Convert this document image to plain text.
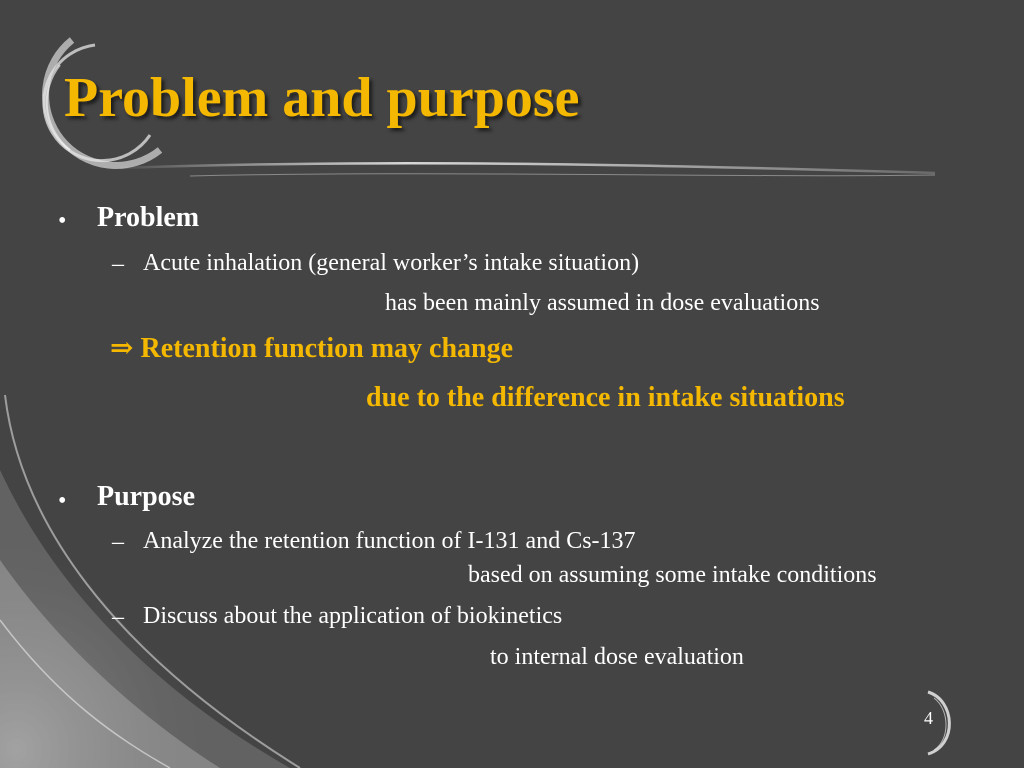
Problem and purpose
• Problem
– Acute inhalation (general worker’s intake situation)
has been mainly assumed in dose evaluations
⇒ Retention function may change
due to the difference in intake situations
• Purpose
– Analyze the retention function of I-131 and Cs-137
based on assuming some intake conditions
– Discuss about the application of biokinetics
to internal dose evaluation
4
